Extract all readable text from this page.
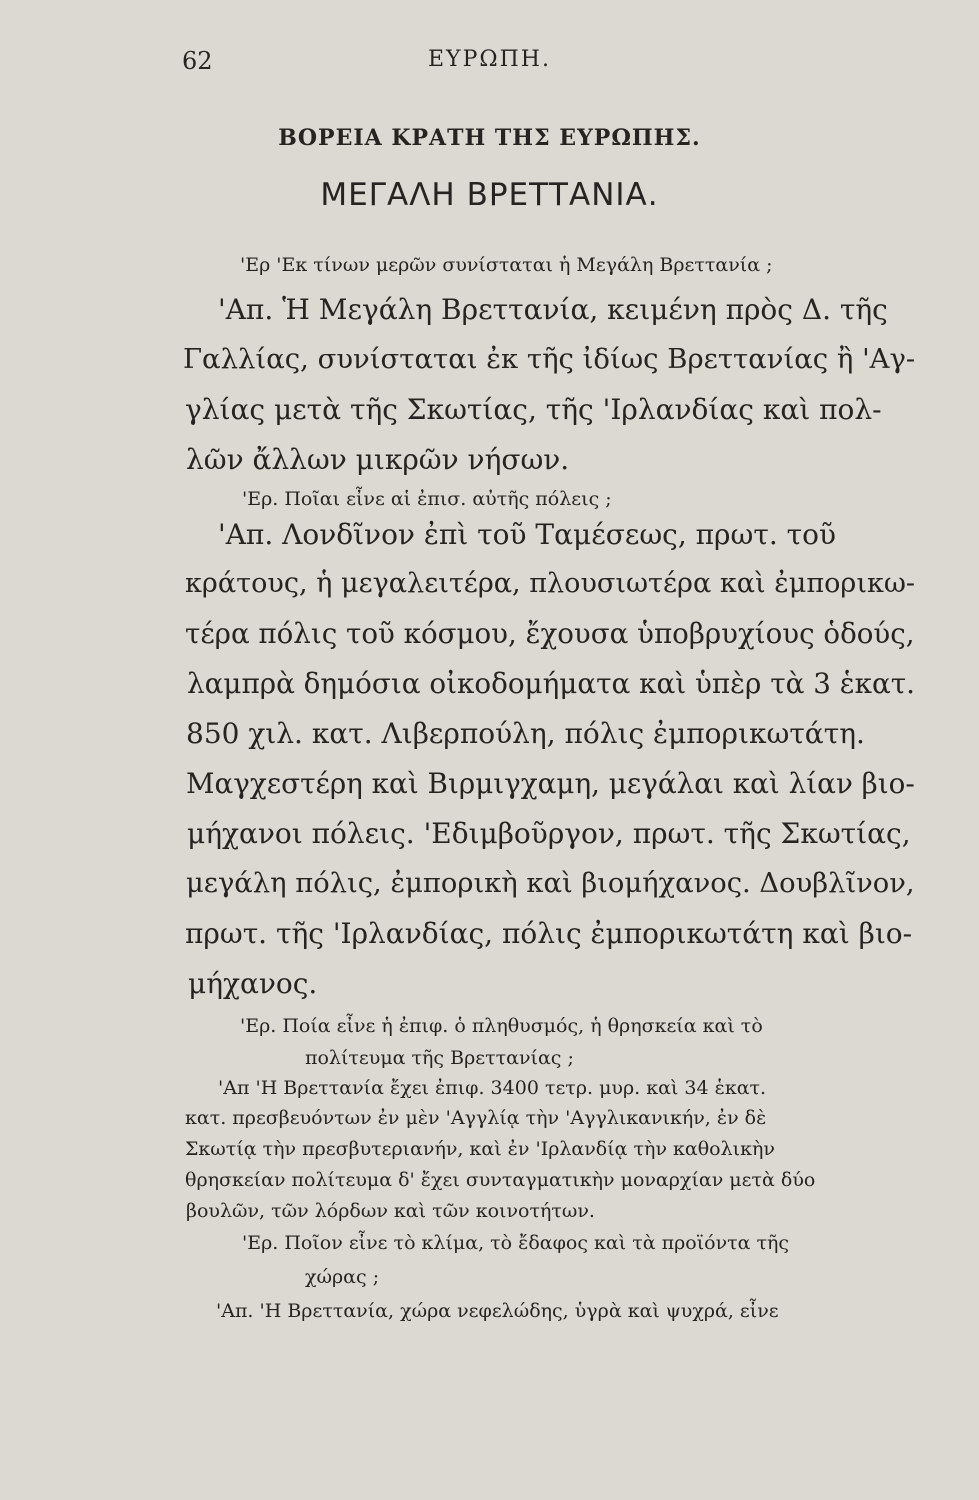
62	ΕΥΡΩΠΗ.
ΒΟΡΕΙΑ ΚΡΑΤΗ ΤΗΣ ΕΥΡΩΠΗΣ.
ΜΕΓΑΛΗ ΒΡΕΤΤΑΝΙΑ.
'Ερ 'Εκ τίνων μερῶν συνίσταται ἡ Μεγάλη Βρεττανία ;
'Απ. Ἡ Μεγάλη Βρεττανία, κειμένη πρὸς Δ. τῆς
Γαλλίας, συνίσταται ἐκ τῆς ἰδίως Βρεττανίας ἢ 'Αγ-
γλίας μετὰ τῆς Σκωτίας, τῆς 'Ιρλανδίας καὶ πολ-
λῶν ἄλλων μικρῶν νήσων.
'Ερ. Ποῖαι εἶνε αἱ ἐπισ. αὐτῆς πόλεις ;
'Απ. Λονδῖνον ἐπὶ τοῦ Ταμέσεως, πρωτ. τοῦ
κράτους, ἡ μεγαλειτέρα, πλουσιωτέρα καὶ ἐμπορικω-
τέρα πόλις τοῦ κόσμου, ἔχουσα ὑποβρυχίους ὁδούς,
λαμπρὰ δημόσια οἰκοδομήματα καὶ ὑπὲρ τὰ 3 ἑκατ.
850 χιλ. κατ. Λιβερπούλη, πόλις ἐμπορικωτάτη.
Μαγχεστέρη καὶ Βιρμιγχαμη, μεγάλαι καὶ λίαν βιο-
μήχανοι πόλεις. 'Εδιμβοῦργον, πρωτ. τῆς Σκωτίας,
μεγάλη πόλις, ἐμπορικὴ καὶ βιομήχανος. Δουβλῖνον,
πρωτ. τῆς 'Ιρλανδίας, πόλις ἐμπορικωτάτη καὶ βιο-
μήχανος.
'Ερ. Ποία εἶνε ἡ ἐπιφ. ὁ πληθυσμός, ἡ θρησκεία καὶ τὸ
πολίτευμα τῆς Βρεττανίας ;
'Απ 'Η Βρεττανία ἔχει ἐπιφ. 3400 τετρ. μυρ. καὶ 34 ἑκατ.
κατ. πρεσβευόντων ἐν μὲν 'Αγγλίᾳ τὴν 'Αγγλικανικήν, ἐν δὲ
Σκωτίᾳ τὴν πρεσβυτεριανήν, καὶ ἐν 'Ιρλανδίᾳ τὴν καθολικὴν
θρησκείαν πολίτευμα δ' ἔχει συνταγματικὴν μοναρχίαν μετὰ δύο
βουλῶν, τῶν λόρδων καὶ τῶν κοινοτήτων.
'Ερ. Ποῖον εἶνε τὸ κλίμα, τὸ ἔδαφος καὶ τὰ προϊόντα τῆς
χώρας ;
'Απ. 'Η Βρεττανία, χώρα νεφελώδης, ὑγρὰ καὶ ψυχρά, εἶνε
